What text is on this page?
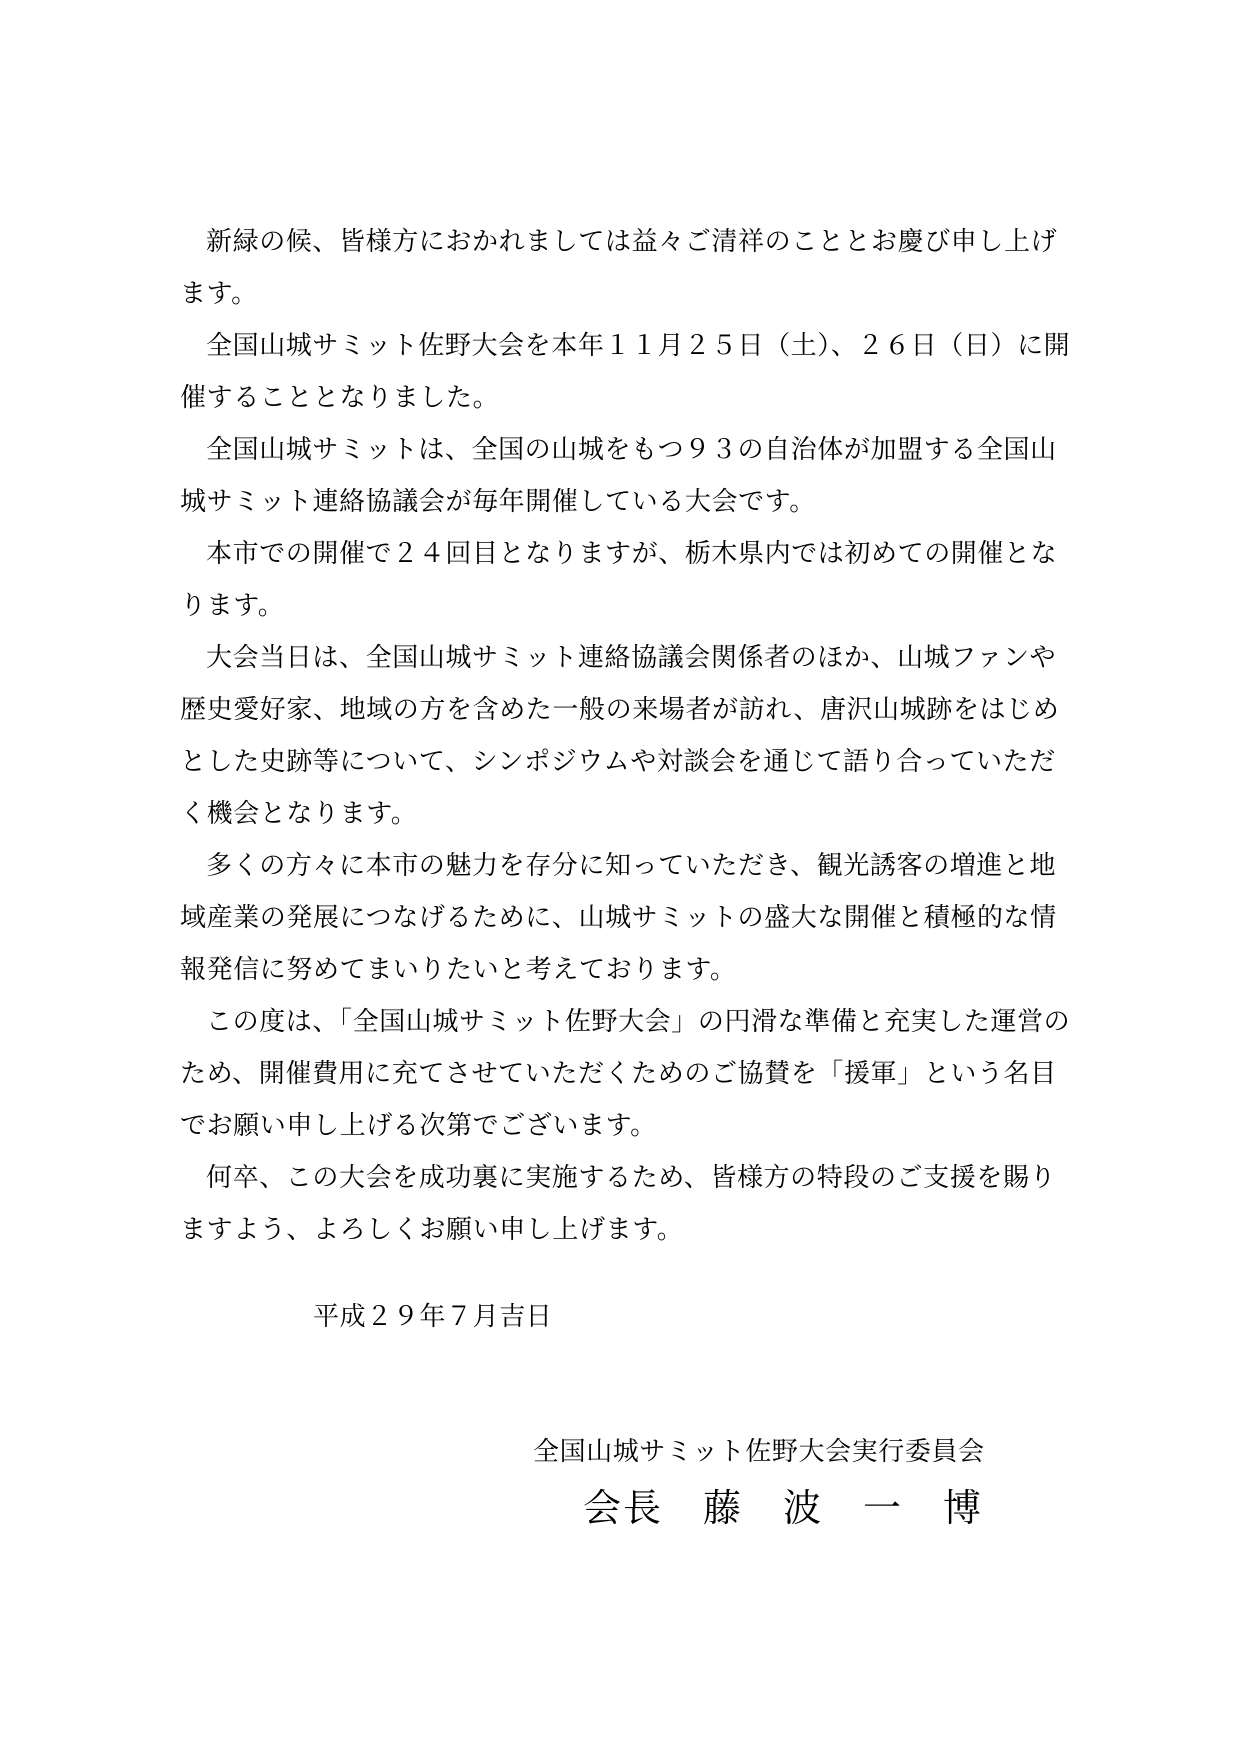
新緑の候、皆様方におかれましては益々ご清祥のこととお慶び申し上げます。

全国山城サミット佐野大会を本年１１月２５日（土）、２６日（日）に開催することとなりました。

全国山城サミットは、全国の山城をもつ９３の自治体が加盟する全国山城サミット連絡協議会が毎年開催している大会です。

本市での開催で２４回目となりますが、栃木県内では初めての開催となります。

大会当日は、全国山城サミット連絡協議会関係者のほか、山城ファンや歴史愛好家、地域の方を含めた一般の来場者が訪れ、唐沢山城跡をはじめとした史跡等について、シンポジウムや対談会を通じて語り合っていただく機会となります。

多くの方々に本市の魅力を存分に知っていただき、観光誘客の増進と地域産業の発展につなげるために、山城サミットの盛大な開催と積極的な情報発信に努めてまいりたいと考えております。

この度は、「全国山城サミット佐野大会」の円滑な準備と充実した運営のため、開催費用に充てさせていただくためのご協賛を「援軍」という名目でお願い申し上げる次第でございます。

何卒、この大会を成功裏に実施するため、皆様方の特段のご支援を賜りますよう、よろしくお願い申し上げます。

平成２９年７月吉日
全国山城サミット佐野大会実行委員会
会長　藤　波　一　博
